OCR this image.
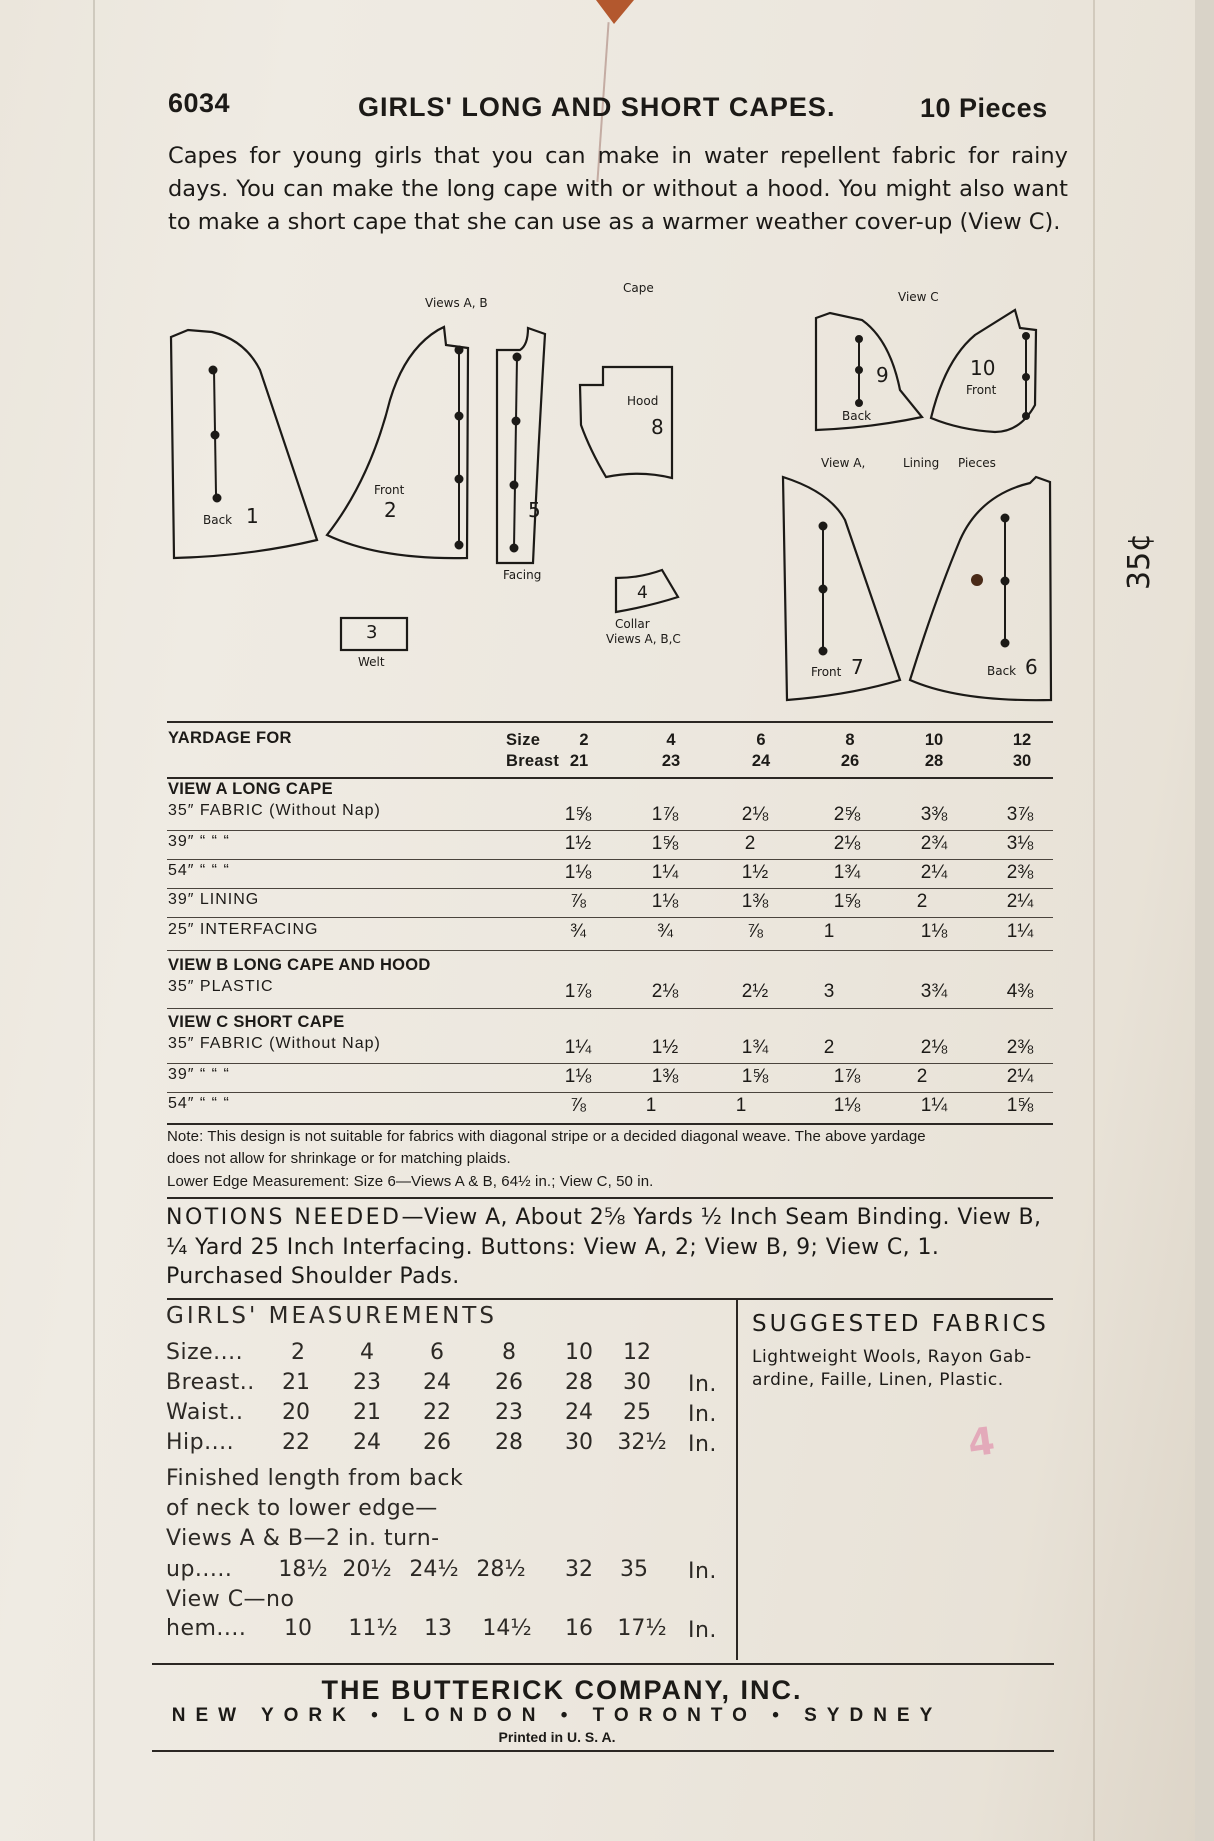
6034	GIRLS' LONG AND SHORT CAPES.	10 Pieces
Capes for young girls that you can make in water repellent fabric for rainy days. You can make the long cape with or without a hood. You might also want to make a short cape that she can use as a warmer weather cover-up (View C).
Views A, B
Cape
View C
View A,	Lining Pieces
Back 1
Front
2	5
Facing
Hood
8
4
Collar
Views A, B,C
3
Welt
9
Back
10
Front
Front 7	Back 6
35¢
YARDAGE FOR	Size
Breast
2	4	6	8	10	12
21	23	24	26	28	30
VIEW A LONG CAPE
35″ FABRIC (Without Nap)	1⅝	1⅞	2⅛	2⅝	3⅜	3⅞
39″ “ “ “	1½	1⅝	2	2⅛	2¾	3⅛
54″ “ “ “	1⅛	1¼	1½	1¾	2¼	2⅜
39″ LINING	⅞	1⅛	1⅜	1⅝	2	2¼
25″ INTERFACING	¾	¾	⅞	1	1⅛	1¼
VIEW B LONG CAPE AND HOOD
35″ PLASTIC	1⅞	2⅛	2½	3	3¾	4⅜
VIEW C SHORT CAPE
35″ FABRIC (Without Nap)	1¼	1½	1¾	2	2⅛	2⅜
39″ “ “ “	1⅛	1⅜	1⅝	1⅞	2	2¼
54″ “ “ “	⅞	1	1	1⅛	1¼	1⅝
Note: This design is not suitable for fabrics with diagonal stripe or a decided diagonal weave. The above yardage
does not allow for shrinkage or for matching plaids.
Lower Edge Measurement: Size 6—Views A & B, 64½ in.; View C, 50 in.
NOTIONS NEEDED—View A, About 2⅝ Yards ½ Inch Seam Binding. View B, ¼ Yard 25 Inch Interfacing. Buttons: View A, 2; View B, 9; View C, 1. Purchased Shoulder Pads.
GIRLS' MEASUREMENTS
Size....	2	4	6	8	10	12
Breast..	21	23	24	26	28	30	In.
Waist..	20	21	22	23	24	25	In.
Hip....	22	24	26	28	30	32½ In.
Finished length from back
of neck to lower edge—
Views A & B—2 in. turn-
up..... 18½ 20½ 24½ 28½	32	35	In.
View C—no
hem....	10	11½	13	14½	16	17½ In.
SUGGESTED FABRICS
Lightweight Wools, Rayon Gab-
ardine, Faille, Linen, Plastic.
4
THE BUTTERICK COMPANY, INC.
NEW YORK • LONDON • TORONTO • SYDNEY
Printed in U. S. A.
